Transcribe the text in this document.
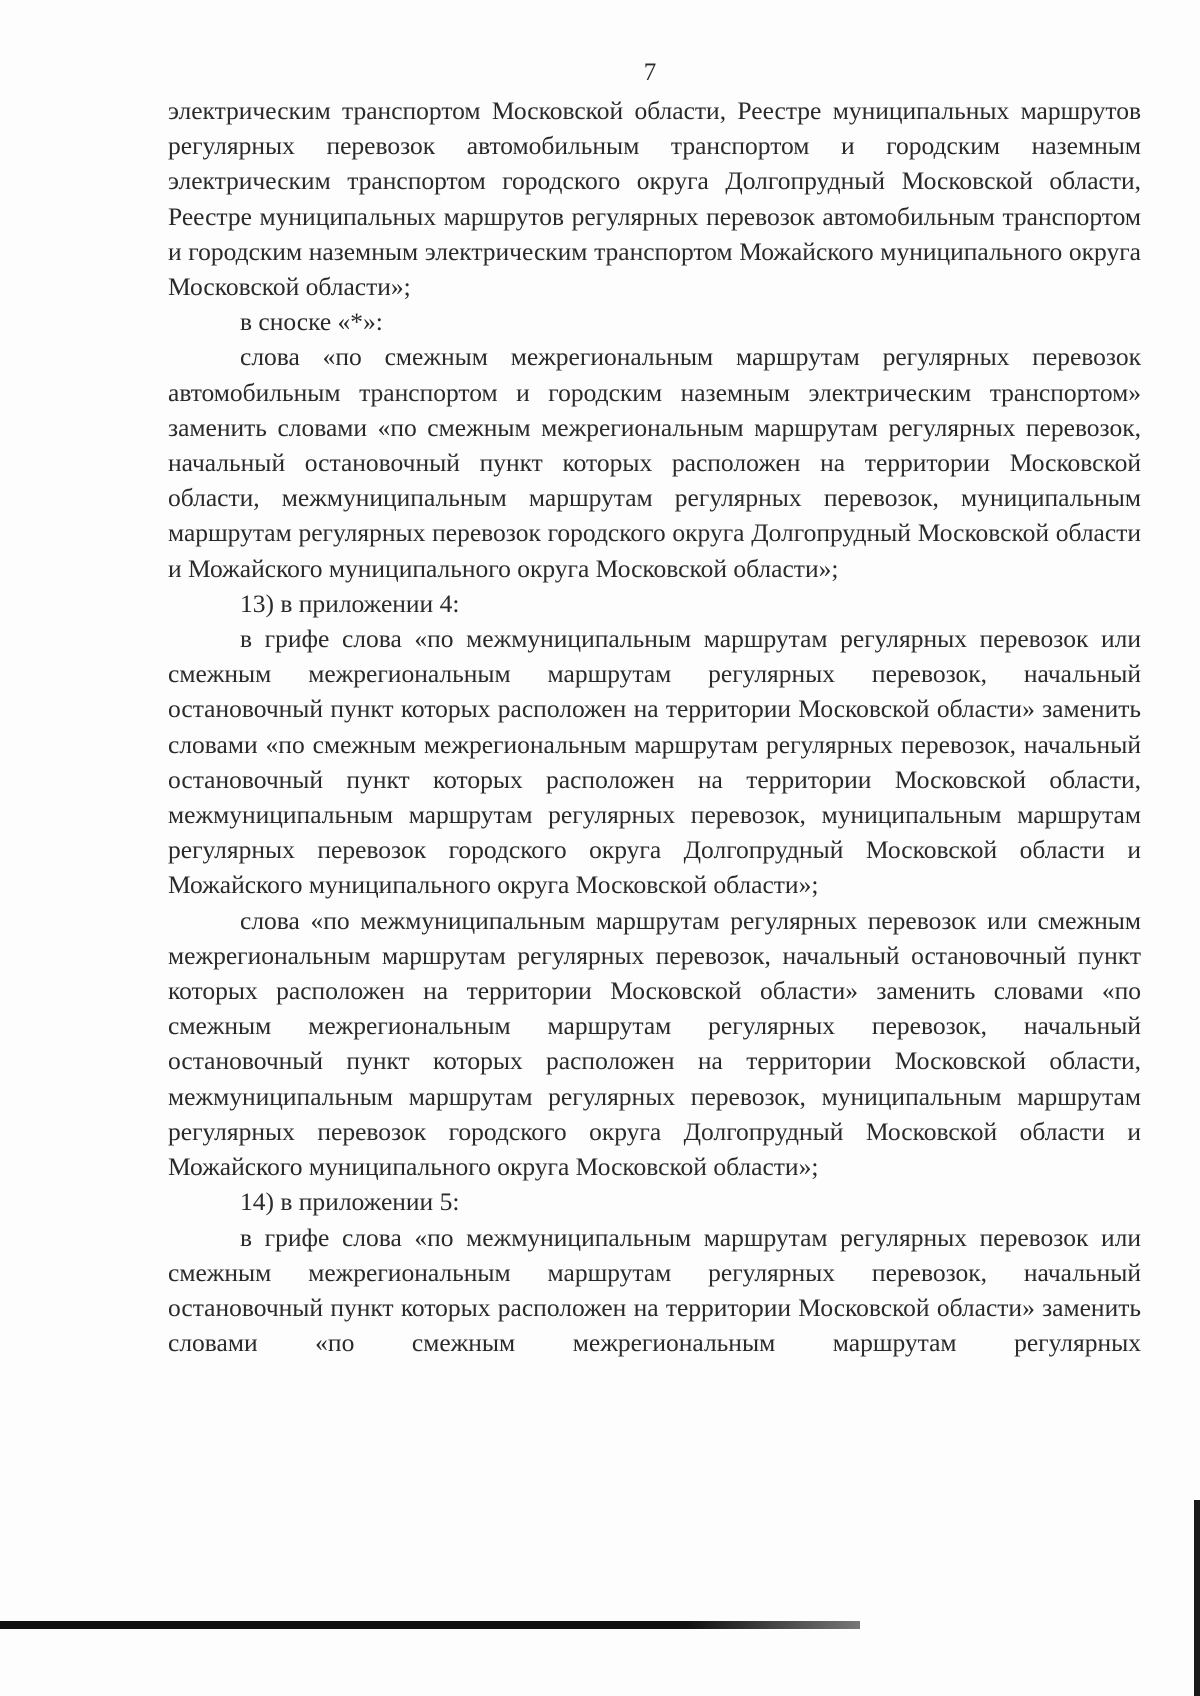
7

электрическим транспортом Московской области, Реестре муниципальных маршрутов регулярных перевозок автомобильным транспортом и городским наземным электрическим транспортом городского округа Долгопрудный Московской области, Реестре муниципальных маршрутов регулярных перевозок автомобильным транспортом и городским наземным электрическим транспортом Можайского муниципального округа Московской области»;

в сноске «*»:

слова «по смежным межрегиональным маршрутам регулярных перевозок автомобильным транспортом и городским наземным электрическим транспортом» заменить словами «по смежным межрегиональным маршрутам регулярных перевозок, начальный остановочный пункт которых расположен на территории Московской области, межмуниципальным маршрутам регулярных перевозок, муниципальным маршрутам регулярных перевозок городского округа Долгопрудный Московской области и Можайского муниципального округа Московской области»;

13) в приложении 4:

в грифе слова «по межмуниципальным маршрутам регулярных перевозок или смежным межрегиональным маршрутам регулярных перевозок, начальный остановочный пункт которых расположен на территории Московской области» заменить словами «по смежным межрегиональным маршрутам регулярных перевозок, начальный остановочный пункт которых расположен на территории Московской области, межмуниципальным маршрутам регулярных перевозок, муниципальным маршрутам регулярных перевозок городского округа Долгопрудный Московской области и Можайского муниципального округа Московской области»;

слова «по межмуниципальным маршрутам регулярных перевозок или смежным межрегиональным маршрутам регулярных перевозок, начальный остановочный пункт которых расположен на территории Московской области» заменить словами «по смежным межрегиональным маршрутам регулярных перевозок, начальный остановочный пункт которых расположен на территории Московской области, межмуниципальным маршрутам регулярных перевозок, муниципальным маршрутам регулярных перевозок городского округа Долгопрудный Московской области и Можайского муниципального округа Московской области»;

14) в приложении 5:

в грифе слова «по межмуниципальным маршрутам регулярных перевозок или смежным межрегиональным маршрутам регулярных перевозок, начальный остановочный пункт которых расположен на территории Московской области» заменить словами «по смежным межрегиональным маршрутам регулярных
